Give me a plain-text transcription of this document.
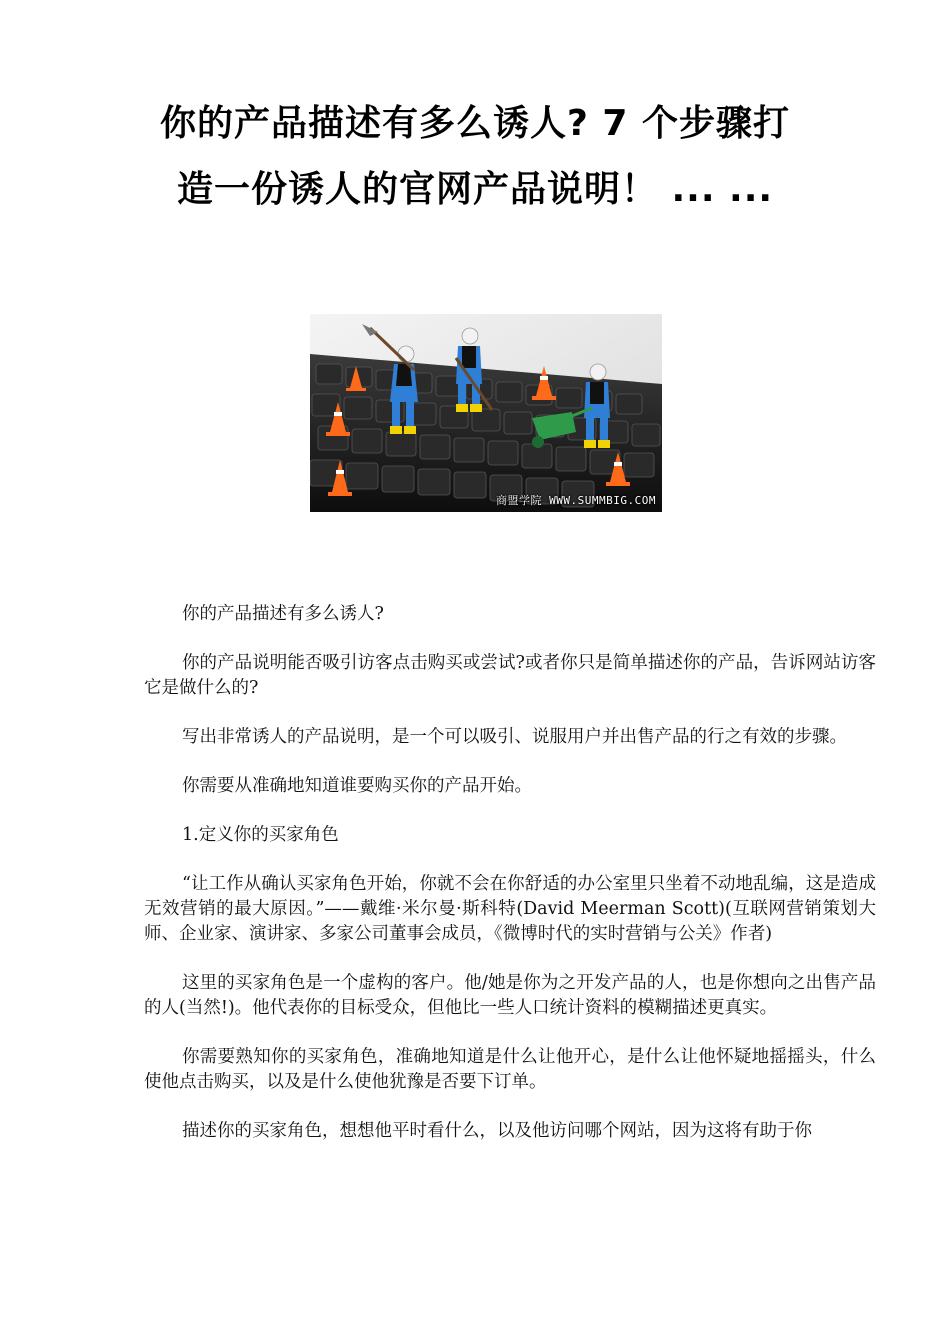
你的产品描述有多么诱人? 7 个步骤打
造一份诱人的官网产品说明！ ... ...
商盟学院 WWW.SUMMBIG.COM

你的产品描述有多么诱人?

你的产品说明能否吸引访客点击购买或尝试?或者你只是简单描述你的产品，告诉网站访客它是做什么的?

写出非常诱人的产品说明，是一个可以吸引、说服用户并出售产品的行之有效的步骤。

你需要从准确地知道谁要购买你的产品开始。

1.定义你的买家角色

“让工作从确认买家角色开始，你就不会在你舒适的办公室里只坐着不动地乱编，这是造成无效营销的最大原因。”——戴维·米尔曼·斯科特(David Meerman Scott)(互联网营销策划大师、企业家、演讲家、多家公司董事会成员，《微博时代的实时营销与公关》作者)

这里的买家角色是一个虚构的客户。他/她是你为之开发产品的人，也是你想向之出售产品的人(当然!)。他代表你的目标受众，但他比一些人口统计资料的模糊描述更真实。

你需要熟知你的买家角色，准确地知道是什么让他开心，是什么让他怀疑地摇摇头，什么使他点击购买，以及是什么使他犹豫是否要下订单。

描述你的买家角色，想想他平时看什么，以及他访问哪个网站，因为这将有助于你
